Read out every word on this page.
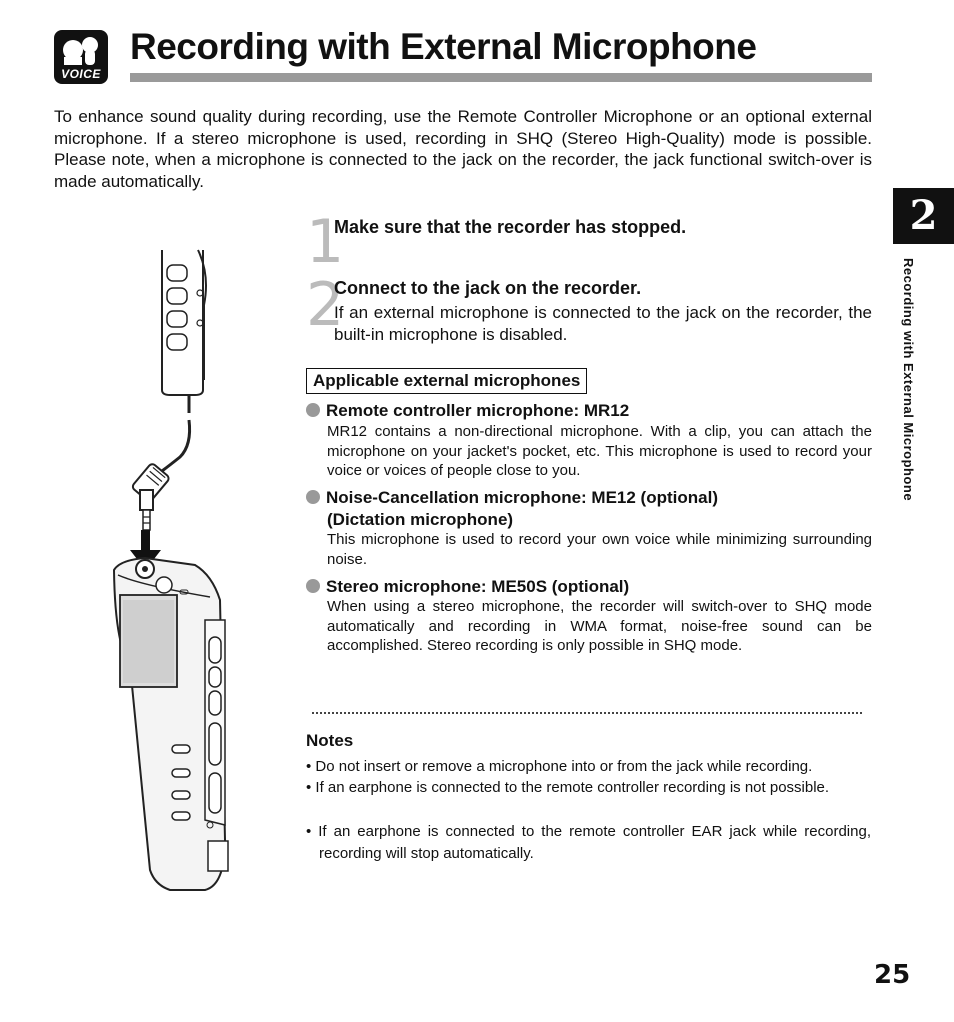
VOICE
Recording with External Microphone

To enhance sound quality during recording, use the Remote Controller Microphone or an optional external microphone. If a stereo microphone is used, recording in SHQ (Stereo High-Quality) mode is possible. Please note, when a microphone is connected to the jack on the recorder, the jack functional switch-over is made automatically.

2
Recording with External Microphone
1
Make sure that the recorder has stopped.
2
Connect to the jack on the recorder.

If an external microphone is connected to the jack on the recorder, the built-in microphone is disabled.

Applicable external microphones
Remote controller microphone: MR12

MR12 contains a non-directional microphone. With a clip, you can attach the microphone on your jacket's pocket, etc. This microphone is used to record your voice or voices of people close to you.

Noise-Cancellation microphone: ME12 (optional)
(Dictation microphone)

This microphone is used to record your own voice while minimizing surrounding noise.

Stereo microphone: ME50S (optional)

When using a stereo microphone, the recorder will switch-over to SHQ mode automatically and recording in WMA format, noise-free sound can be accomplished. Stereo recording is only possible in SHQ mode.

Notes

• Do not insert or remove a microphone into or from the jack while recording.

• If an earphone is connected to the remote controller recording is not possible.

• If an earphone is connected to the remote controller EAR jack while recording, recording will stop automatically.

25
